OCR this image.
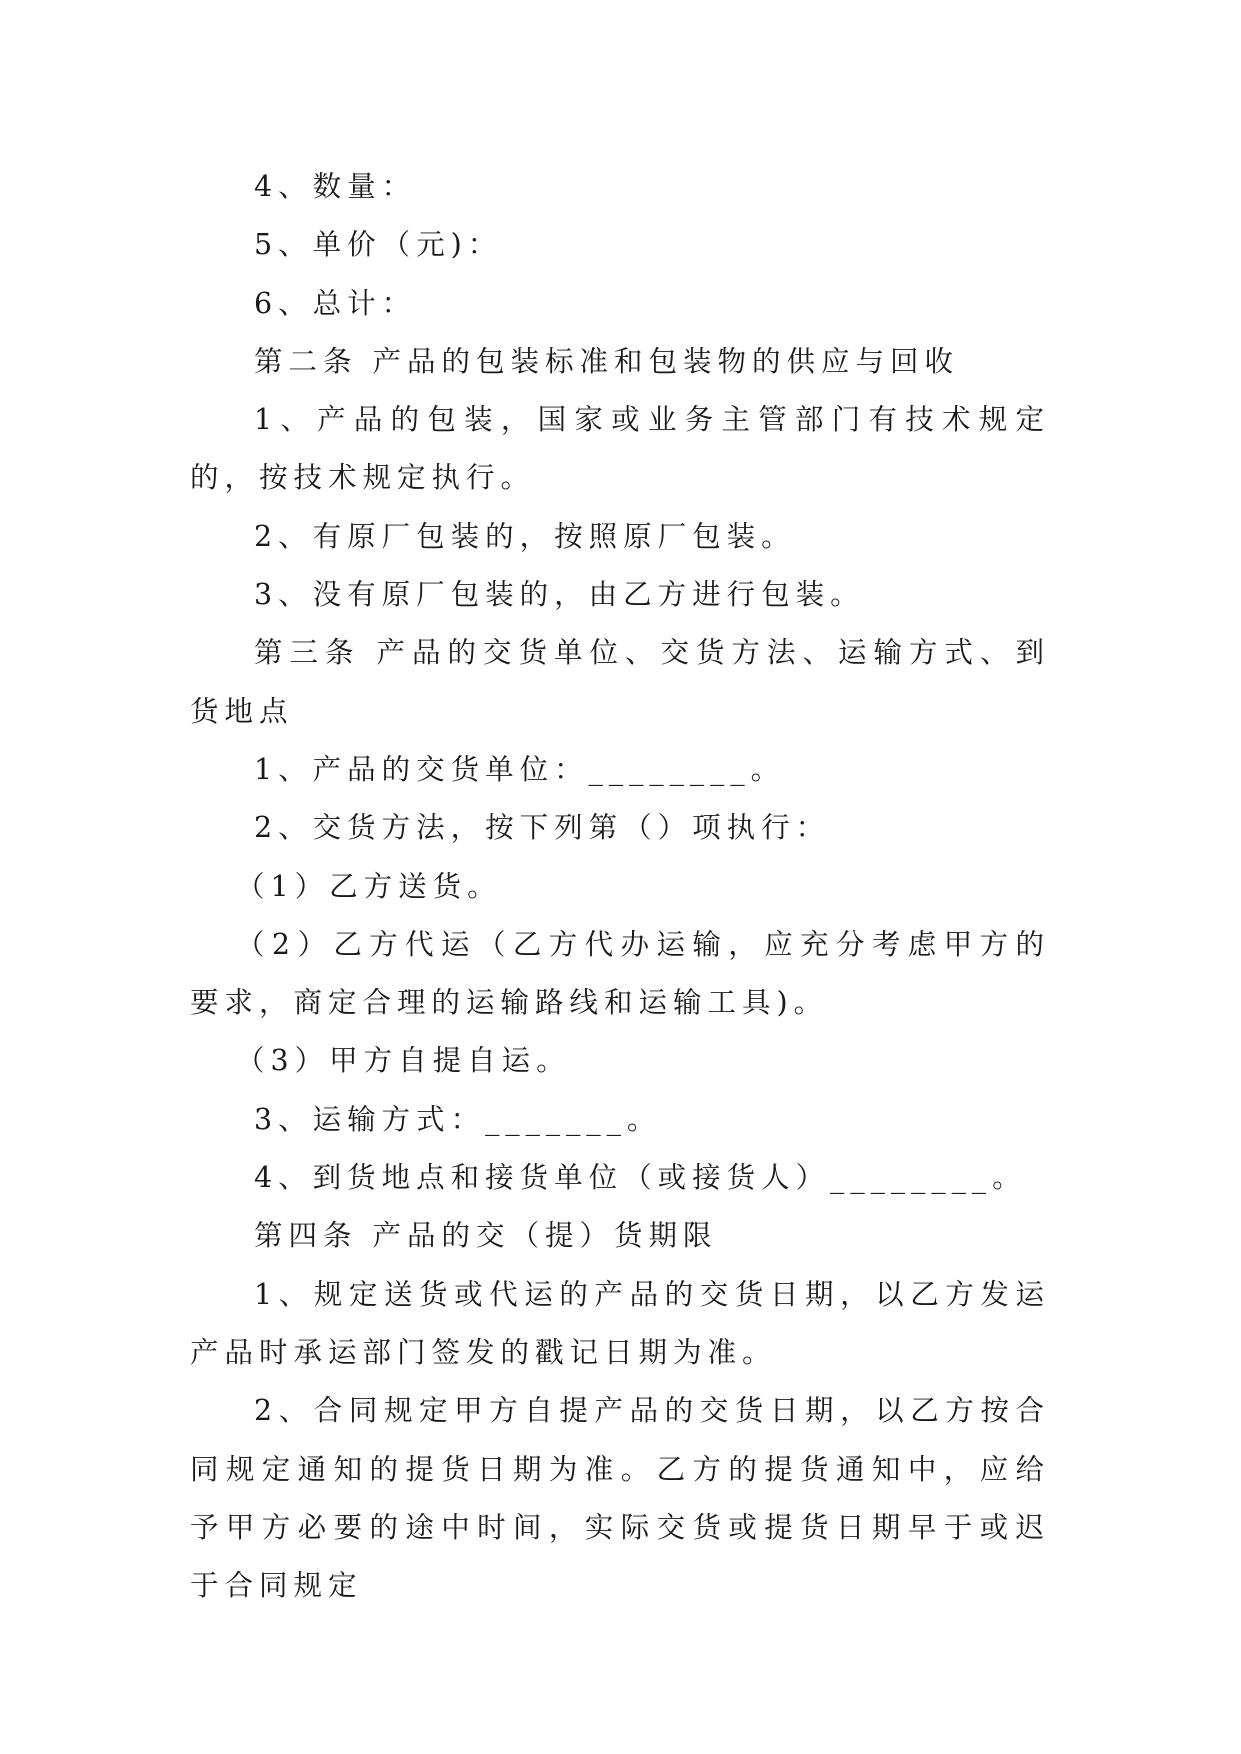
4、数量：

5、单价（元)：

6、总计：

第二条 产品的包装标准和包装物的供应与回收

1、产品的包装，国家或业务主管部门有技术规定的，按技术规定执行。

2、有原厂包装的，按照原厂包装。

3、没有原厂包装的，由乙方进行包装。

第三条 产品的交货单位、交货方法、运输方式、到货地点

1、产品的交货单位：________。

2、交货方法，按下列第（）项执行：

（1）乙方送货。

（2）乙方代运（乙方代办运输，应充分考虑甲方的要求，商定合理的运输路线和运输工具)。

（3）甲方自提自运。

3、运输方式：_______。

4、到货地点和接货单位（或接货人）________。

第四条 产品的交（提）货期限

1、规定送货或代运的产品的交货日期，以乙方发运产品时承运部门签发的戳记日期为准。

2、合同规定甲方自提产品的交货日期，以乙方按合同规定通知的提货日期为准。乙方的提货通知中，应给予甲方必要的途中时间，实际交货或提货日期早于或迟于合同规定
